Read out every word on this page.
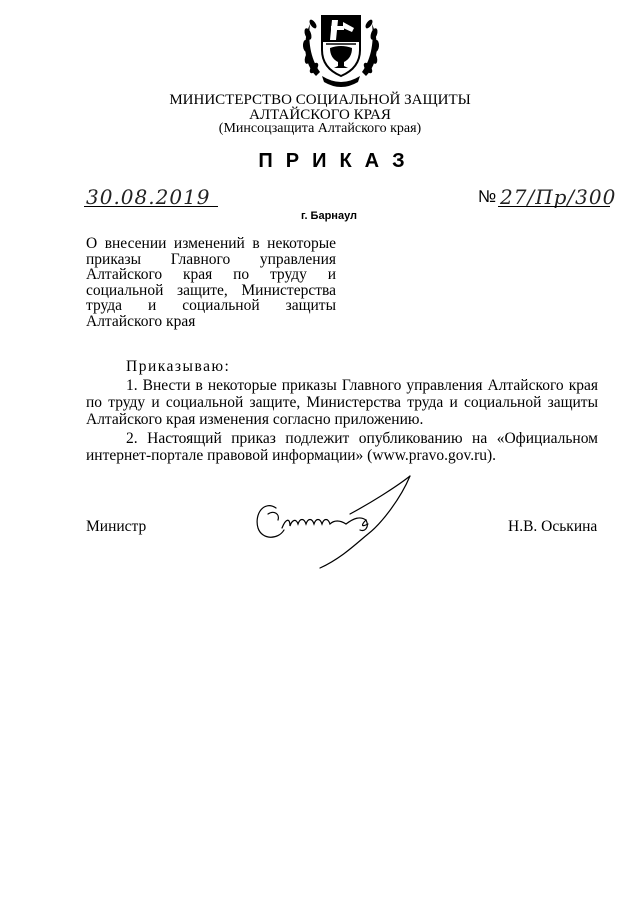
МИНИСТЕРСТВО СОЦИАЛЬНОЙ ЗАЩИТЫ
АЛТАЙСКОГО КРАЯ
(Минсоцзащита Алтайского края)
ПРИКАЗ
30.08.2019	№ 27/Пр/300
г. Барнаул
О внесении изменений в некоторые приказы Главного управления Алтайского края по труду и социальной защите, Министерства труда и социальной защиты Алтайского края
Приказываю:
1. Внести в некоторые приказы Главного управления Алтайского края по труду и социальной защите, Министерства труда и социальной защиты Алтайского края изменения согласно приложению.
2. Настоящий приказ подлежит опубликованию на «Официальном интернет-портале правовой информации» (www.pravo.gov.ru).
Министр	Н.В. Оськина
